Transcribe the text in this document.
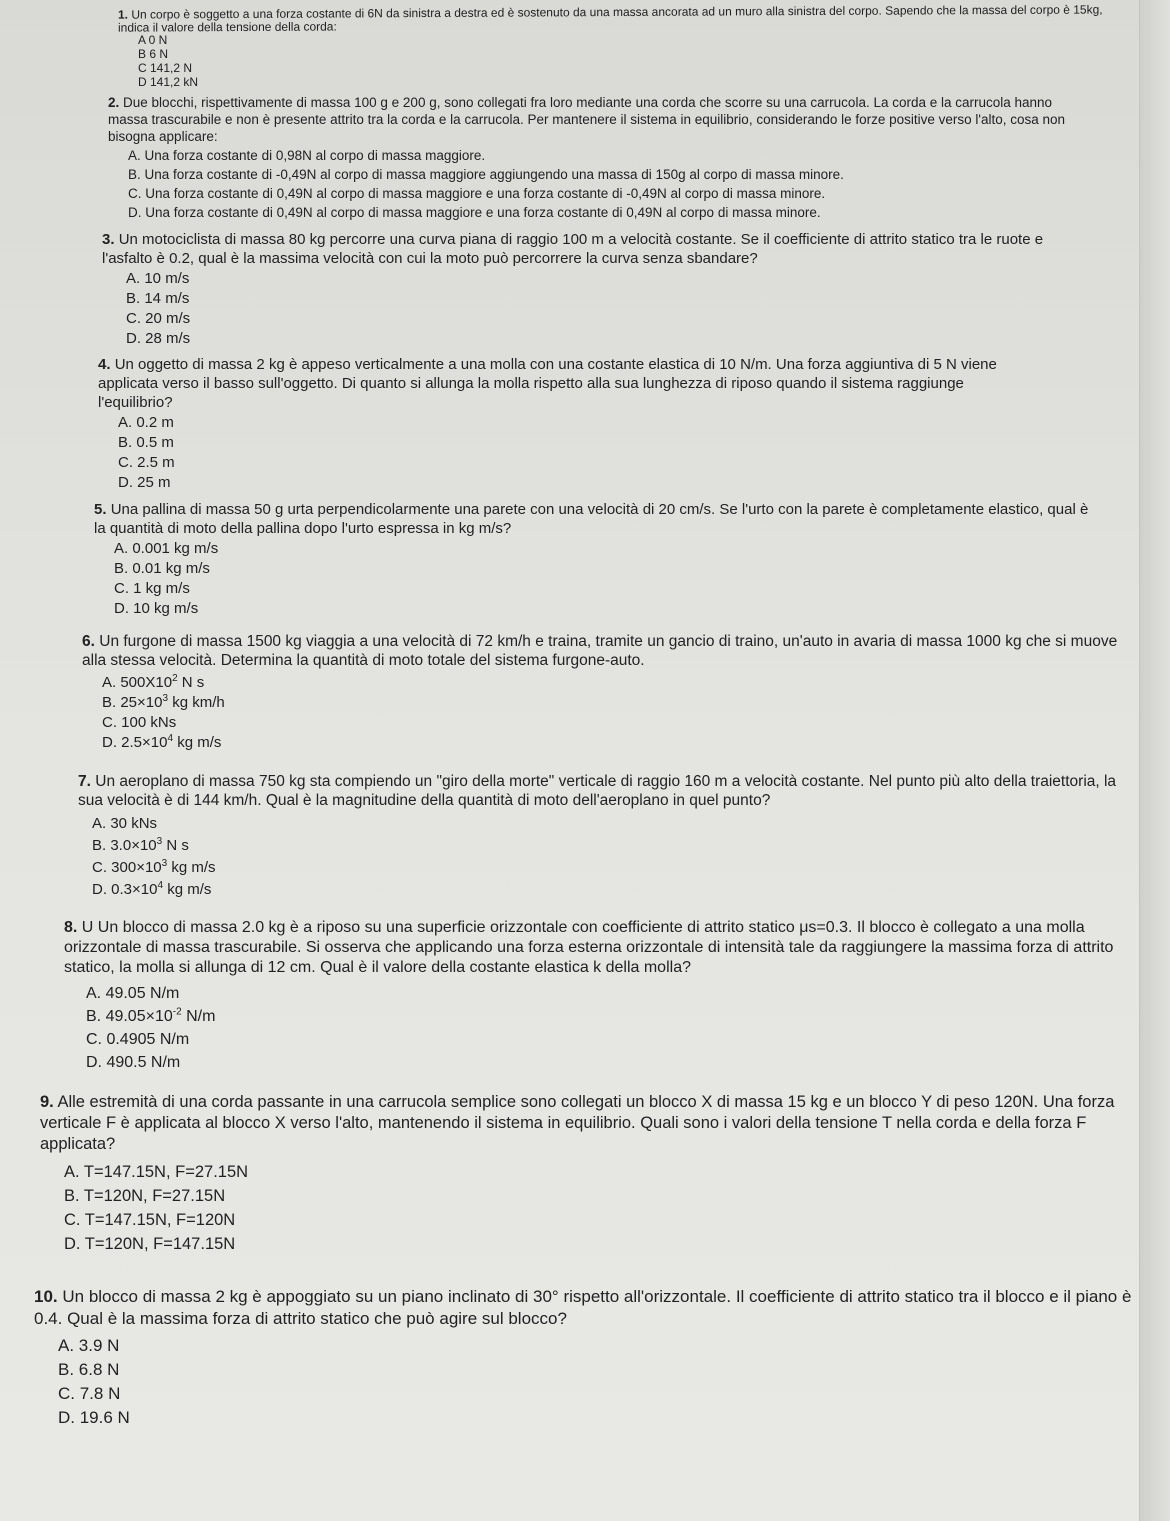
1. Un corpo è soggetto a una forza costante di 6N da sinistra a destra ed è sostenuto da una massa ancorata ad un muro alla sinistra del corpo. Sapendo che la massa del corpo è 15kg, indica il valore della tensione della corda:

A 0 N
B 6 N
C 141,2 N
D 141,2 kN

2. Due blocchi, rispettivamente di massa 100 g e 200 g, sono collegati fra loro mediante una corda che scorre su una carrucola. La corda e la carrucola hanno massa trascurabile e non è presente attrito tra la corda e la carrucola. Per mantenere il sistema in equilibrio, considerando le forze positive verso l'alto, cosa non bisogna applicare:

A. Una forza costante di 0,98N al corpo di massa maggiore.
B. Una forza costante di -0,49N al corpo di massa maggiore aggiungendo una massa di 150g al corpo di massa minore.
C. Una forza costante di 0,49N al corpo di massa maggiore e una forza costante di -0,49N al corpo di massa minore.
D. Una forza costante di 0,49N al corpo di massa maggiore e una forza costante di 0,49N al corpo di massa minore.

3. Un motociclista di massa 80 kg percorre una curva piana di raggio 100 m a velocità costante. Se il coefficiente di attrito statico tra le ruote e l'asfalto è 0.2, qual è la massima velocità con cui la moto può percorrere la curva senza sbandare?

A. 10 m/s
B. 14 m/s
C. 20 m/s
D. 28 m/s

4. Un oggetto di massa 2 kg è appeso verticalmente a una molla con una costante elastica di 10 N/m. Una forza aggiuntiva di 5 N viene applicata verso il basso sull'oggetto. Di quanto si allunga la molla rispetto alla sua lunghezza di riposo quando il sistema raggiunge l'equilibrio?

A. 0.2 m
B. 0.5 m
C. 2.5 m
D. 25 m

5. Una pallina di massa 50 g urta perpendicolarmente una parete con una velocità di 20 cm/s. Se l'urto con la parete è completamente elastico, qual è la quantità di moto della pallina dopo l'urto espressa in kg m/s?

A. 0.001 kg m/s
B. 0.01 kg m/s
C. 1 kg m/s
D. 10 kg m/s

6. Un furgone di massa 1500 kg viaggia a una velocità di 72 km/h e traina, tramite un gancio di traino, un'auto in avaria di massa 1000 kg che si muove alla stessa velocità. Determina la quantità di moto totale del sistema furgone-auto.

A. $500X10^2$ N s
B. $25\times 10^3$ kg km/h
C. 100 kNs
D. $2.5\times 10^4$ kg m/s

7. Un aeroplano di massa 750 kg sta compiendo un "giro della morte" verticale di raggio 160 m a velocità costante. Nel punto più alto della traiettoria, la sua velocità è di 144 km/h. Qual è la magnitudine della quantità di moto dell'aeroplano in quel punto?

A. 30 kNs
B. $3.0\times 10^3$ N s
C. $300\times 10^3$ kg m/s
D. $0.3\times 10^4$ kg m/s

8. U Un blocco di massa 2.0 kg è a riposo su una superficie orizzontale con coefficiente di attrito statico μs=0.3. Il blocco è collegato a una molla orizzontale di massa trascurabile. Si osserva che applicando una forza esterna orizzontale di intensità tale da raggiungere la massima forza di attrito statico, la molla si allunga di 12 cm. Qual è il valore della costante elastica k della molla?

A. 49.05 N/m
B. $49.05\times 10^{-2}$ N/m
C. 0.4905 N/m
D. 490.5 N/m

9. Alle estremità di una corda passante in una carrucola semplice sono collegati un blocco X di massa 15 kg e un blocco Y di peso 120N. Una forza verticale F è applicata al blocco X verso l'alto, mantenendo il sistema in equilibrio. Quali sono i valori della tensione T nella corda e della forza F applicata?

A. T=147.15N, F=27.15N
B. T=120N, F=27.15N
C. T=147.15N, F=120N
D. T=120N, F=147.15N

10. Un blocco di massa 2 kg è appoggiato su un piano inclinato di 30° rispetto all'orizzontale. Il coefficiente di attrito statico tra il blocco e il piano è 0.4. Qual è la massima forza di attrito statico che può agire sul blocco?

A. 3.9 N
B. 6.8 N
C. 7.8 N
D. 19.6 N
